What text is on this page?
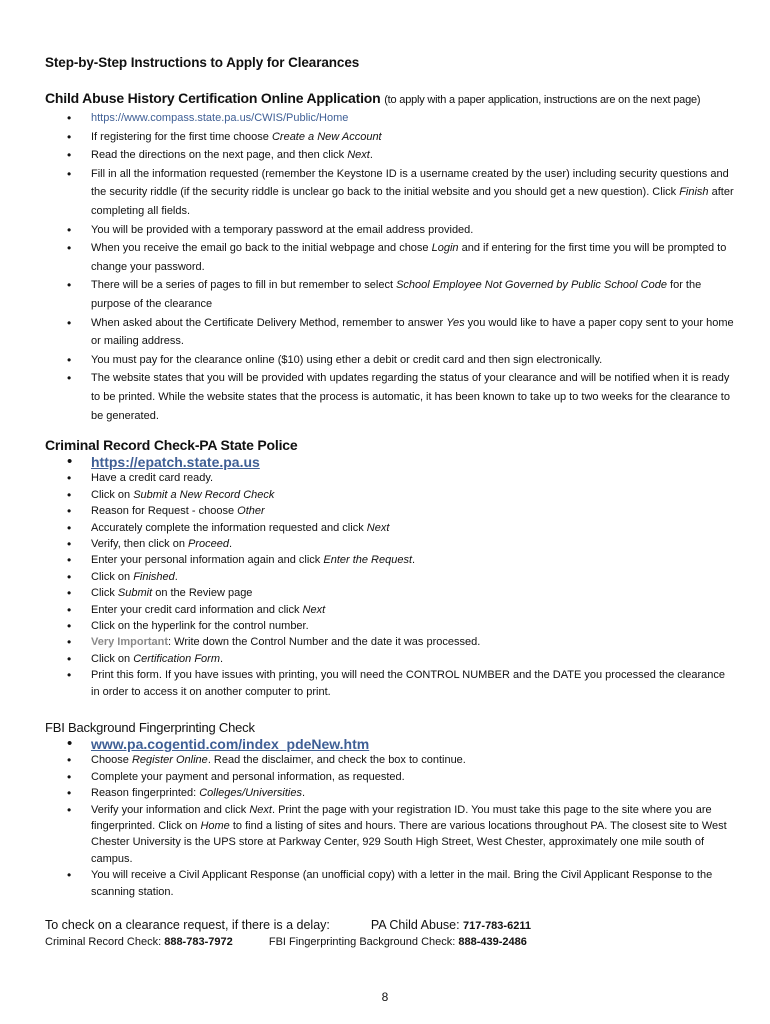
Step-by-Step Instructions to Apply for Clearances
Child Abuse History Certification Online Application (to apply with a paper application, instructions are on the next page)
• https://www.compass.state.pa.us/CWIS/Public/Home
• If registering for the first time choose Create a New Account
• Read the directions on the next page, and then click Next.
• Fill in all the information requested (remember the Keystone ID is a username created by the user) including security questions and the security riddle (if the security riddle is unclear go back to the initial website and you should get a new question). Click Finish after completing all fields.
• You will be provided with a temporary password at the email address provided.
• When you receive the email go back to the initial webpage and chose Login and if entering for the first time you will be prompted to change your password.
• There will be a series of pages to fill in but remember to select School Employee Not Governed by Public School Code for the purpose of the clearance
• When asked about the Certificate Delivery Method, remember to answer Yes you would like to have a paper copy sent to your home or mailing address.
• You must pay for the clearance online ($10) using ether a debit or credit card and then sign electronically.
• The website states that you will be provided with updates regarding the status of your clearance and will be notified when it is ready to be printed. While the website states that the process is automatic, it has been known to take up to two weeks for the clearance to be generated.
Criminal Record Check-PA State Police
• https://epatch.state.pa.us
• Have a credit card ready.
• Click on Submit a New Record Check
• Reason for Request - choose Other
• Accurately complete the information requested and click Next
• Verify, then click on Proceed.
• Enter your personal information again and click Enter the Request.
• Click on Finished.
• Click Submit on the Review page
• Enter your credit card information and click Next
• Click on the hyperlink for the control number.
• Very Important: Write down the Control Number and the date it was processed.
• Click on Certification Form.
• Print this form. If you have issues with printing, you will need the CONTROL NUMBER and the DATE you processed the clearance in order to access it on another computer to print.
FBI Background Fingerprinting Check
• www.pa.cogentid.com/index_pdeNew.htm
• Choose Register Online. Read the disclaimer, and check the box to continue.
• Complete your payment and personal information, as requested.
• Reason fingerprinted: Colleges/Universities.
• Verify your information and click Next. Print the page with your registration ID. You must take this page to the site where you are fingerprinted. Click on Home to find a listing of sites and hours. There are various locations throughout PA. The closest site to West Chester University is the UPS store at Parkway Center, 929 South High Street, West Chester, approximately one mile south of campus.
• You will receive a Civil Applicant Response (an unofficial copy) with a letter in the mail. Bring the Civil Applicant Response to the scanning station.
To check on a clearance request, if there is a delay:	PA Child Abuse: 717-783-6211
Criminal Record Check: 888-783-7972	FBI Fingerprinting Background Check: 888-439-2486
8
